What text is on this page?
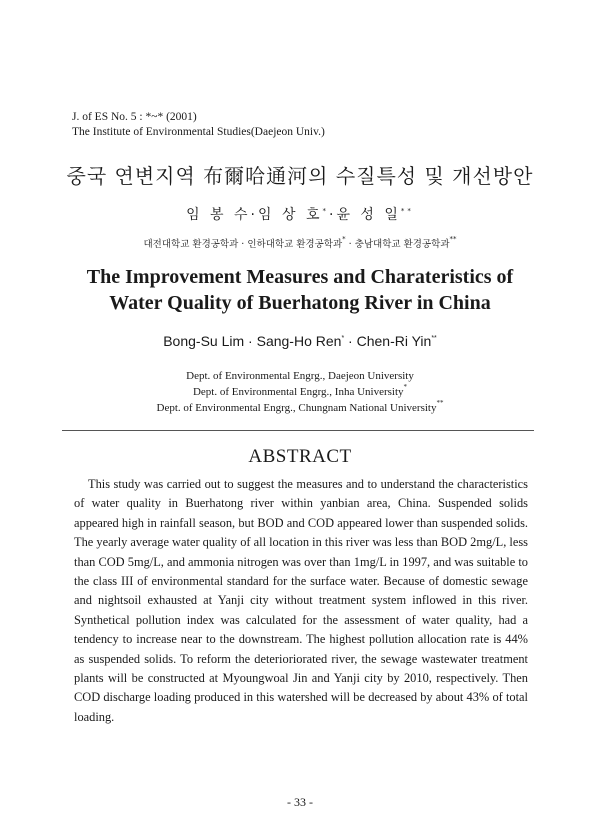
J. of ES No. 5 : *~* (2001)
The Institute of Environmental Studies(Daejeon Univ.)
중국 연변지역 布爾哈通河의 수질특성 및 개선방안
임 봉 수·임 상 호*·윤 성 일**
대전대학교 환경공학과 · 인하대학교 환경공학과* · 충남대학교 환경공학과**
The Improvement Measures and Charateristics of
Water Quality of Buerhatong River in China
Bong-Su Lim · Sang-Ho Ren* · Chen-Ri Yin**
Dept. of Environmental Engrg., Daejeon University
Dept. of Environmental Engrg., Inha University*
Dept. of Environmental Engrg., Chungnam National University**
ABSTRACT
This study was carried out to suggest the measures and to understand the characteristics of water quality in Buerhatong river within yanbian area, China. Suspended solids appeared high in rainfall season, but BOD and COD appeared lower than suspended solids. The yearly average water quality of all location in this river was less than BOD 2mg/L, less than COD 5mg/L, and ammonia nitrogen was over than 1mg/L in 1997, and was suitable to the class III of environmental standard for the surface water. Because of domestic sewage and nightsoil exhausted at Yanji city without treatment system inflowed in this river. Synthetical pollution index was calculated for the assessment of water quality, had a tendency to increase near to the downstream. The highest pollution allocation rate is 44% as suspended solids. To reform the deterioriorated river, the sewage wastewater treatment plants will be constructed at Myoungwoal Jin and Yanji city by 2010, respectively. Then COD discharge loading produced in this watershed will be decreased by about 43% of total loading.
- 33 -
